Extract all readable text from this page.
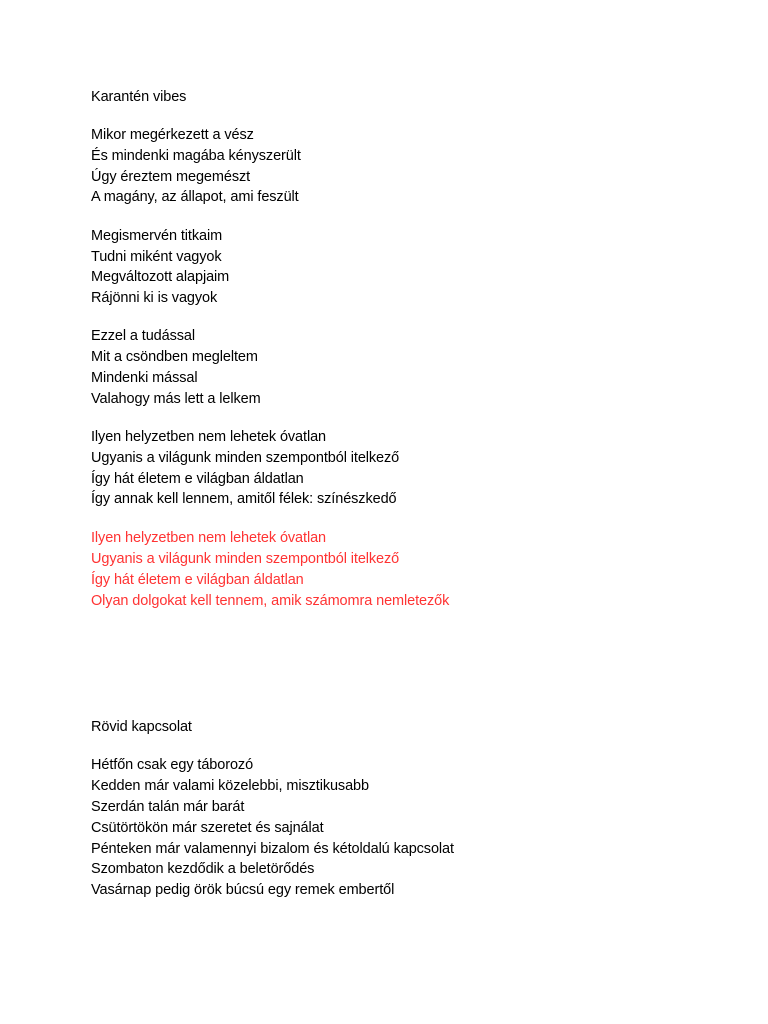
Karantén vibes
Mikor megérkezett a vész
És mindenki magába kényszerült
Úgy éreztem megemészt
A magány, az állapot, ami feszült
Megismervén titkaim
Tudni miként vagyok
Megváltozott alapjaim
Rájönni ki is vagyok
Ezzel a tudással
Mit a csöndben megleltem
Mindenki mással
Valahogy más lett a lelkem
Ilyen helyzetben nem lehetek óvatlan
Ugyanis a világunk minden szempontból itelkező
Így hát életem e világban áldatlan
Így annak kell lennem, amitől félek: színészkedő
Ilyen helyzetben nem lehetek óvatlan
Ugyanis a világunk minden szempontból itelkező
Így hát életem e világban áldatlan
Olyan dolgokat kell tennem, amik számomra nemletezők
Rövid kapcsolat
Hétfőn csak egy táborozó
Kedden már valami közelebbi, misztikusabb
Szerdán talán már barát
Csütörtökön már szeretet és sajnálat
Pénteken már valamennyi bizalom és kétoldalú kapcsolat
Szombaton kezdődik a beletörődés
Vasárnap pedig örök búcsú egy remek embertől
